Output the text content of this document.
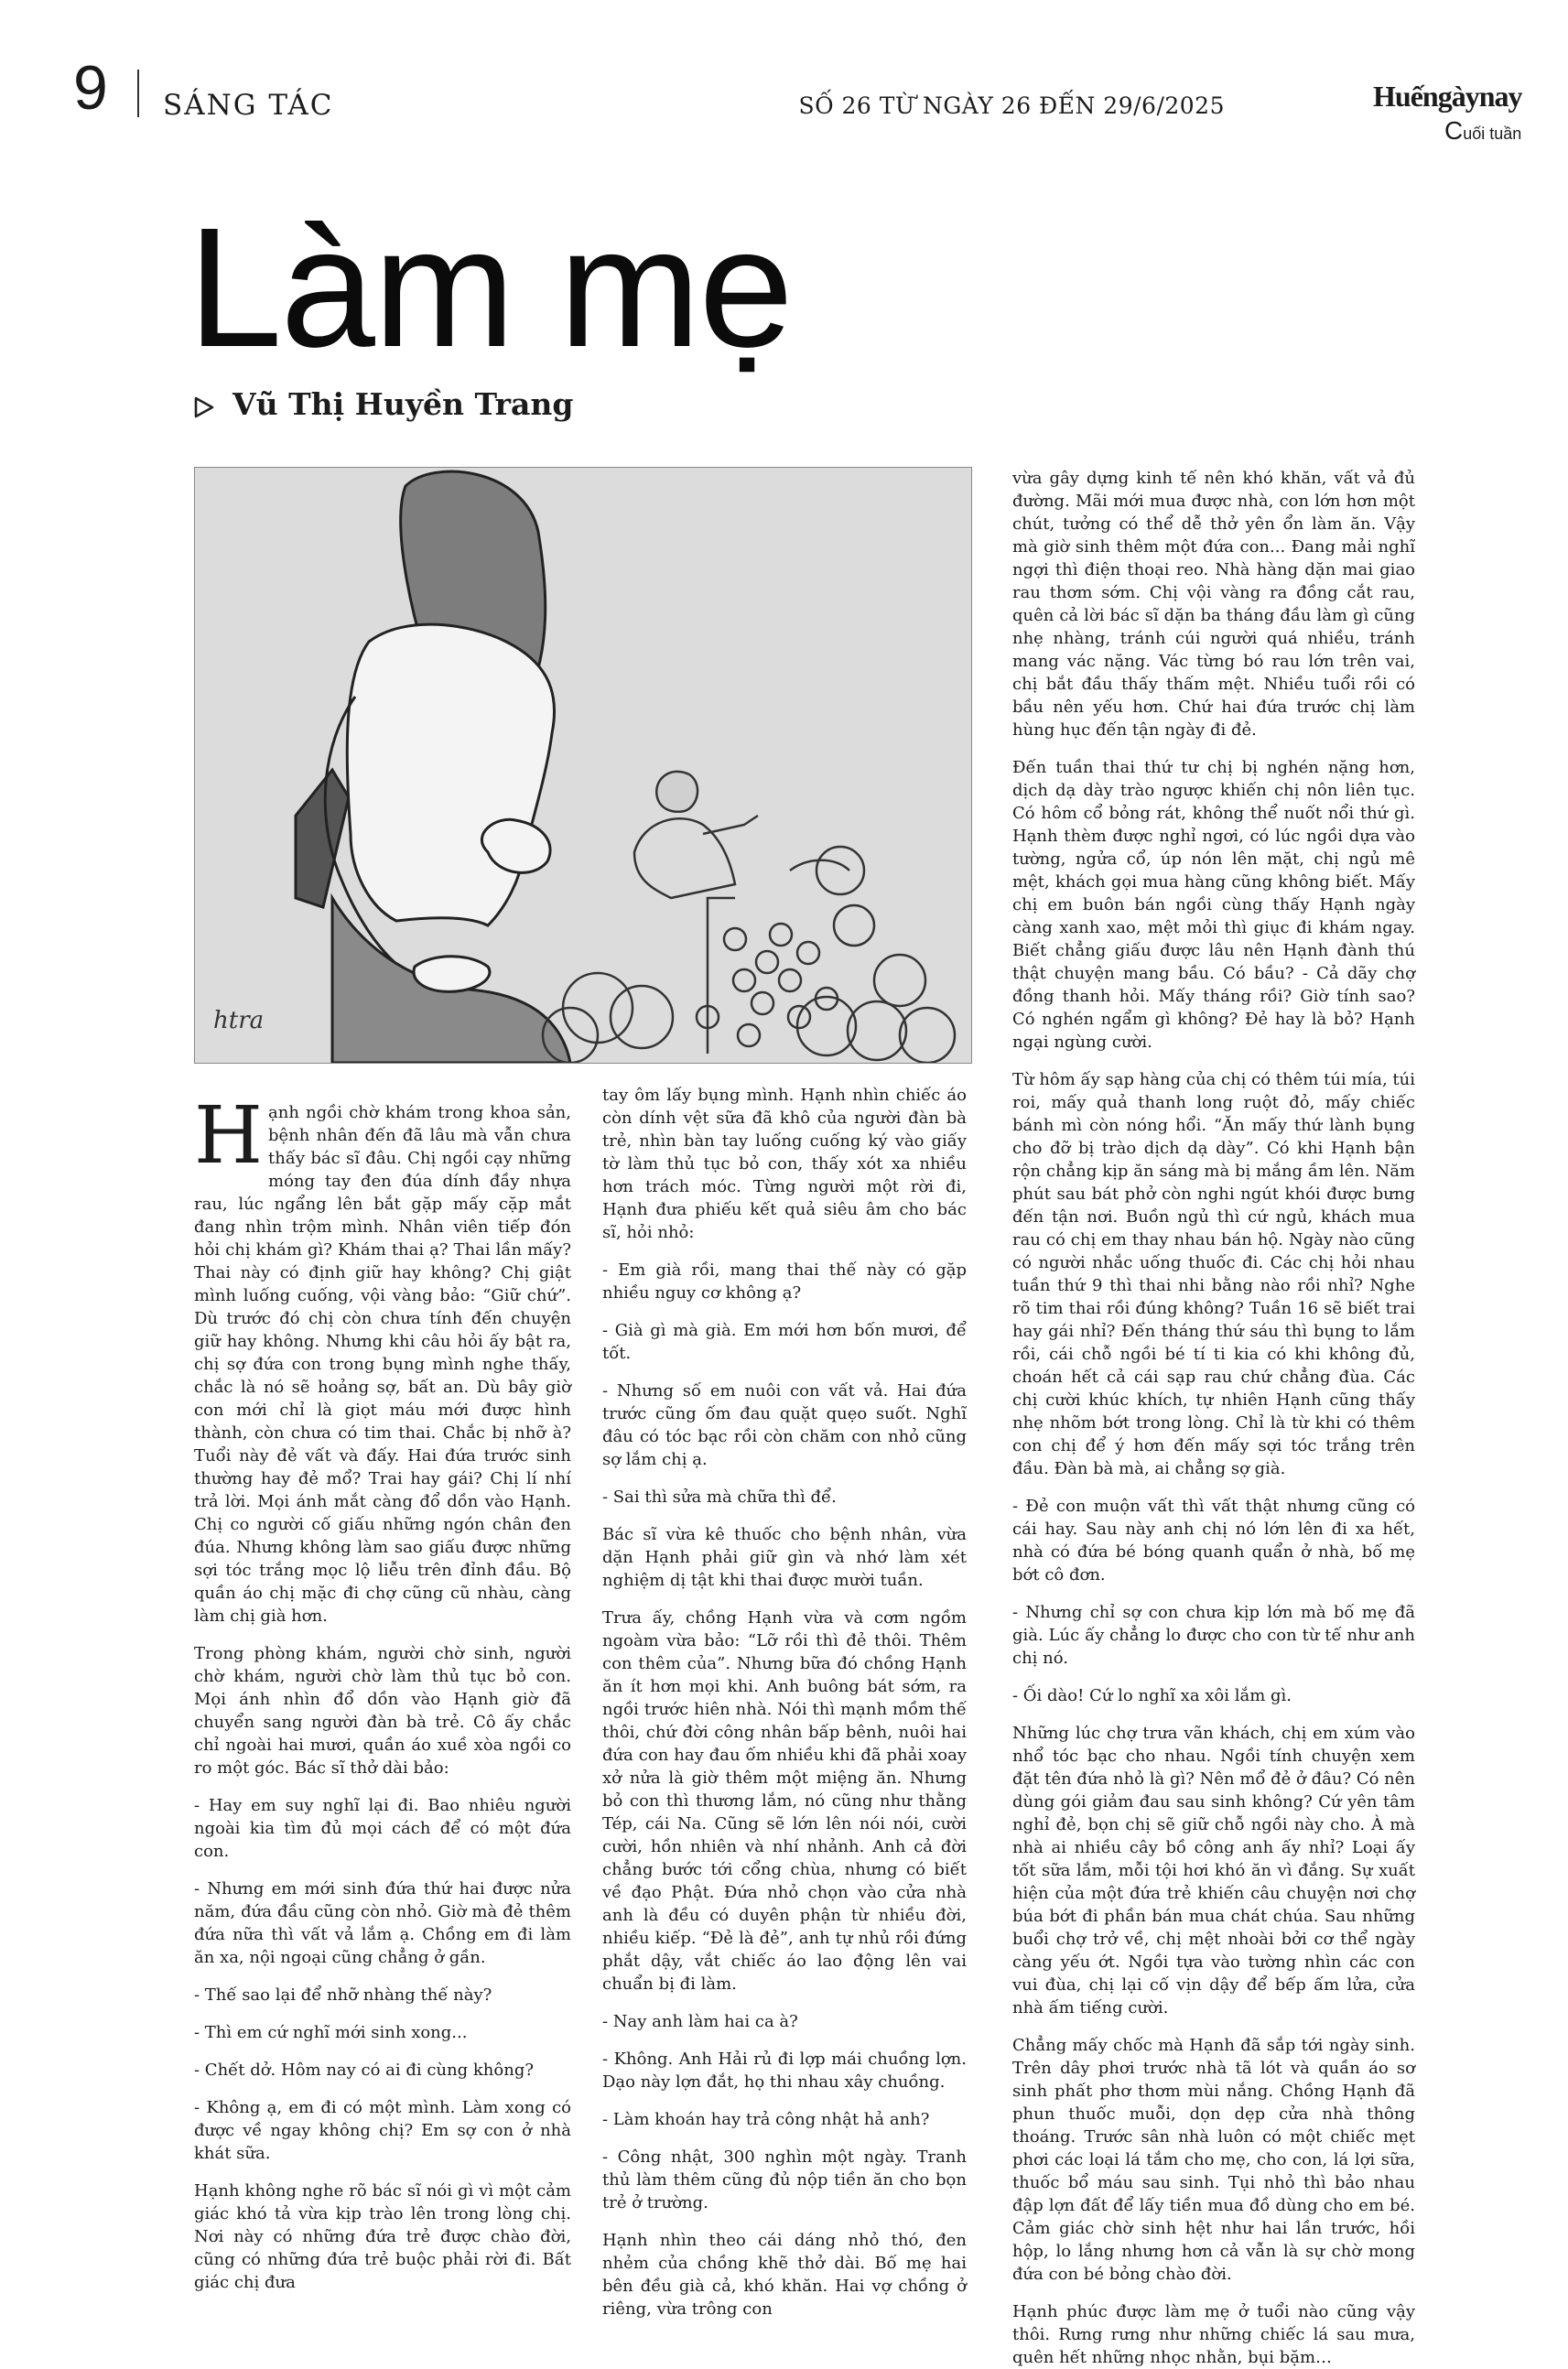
9 SÁNG TÁC	SỐ 26 TỪ NGÀY 26 ĐẾN 29/6/2025	Huếngàynay
Cuối tuần
Làm mẹ
Vũ Thị Huyền Trang
htra

Hạnh ngồi chờ khám trong khoa sản, bệnh nhân đến đã lâu mà vẫn chưa thấy bác sĩ đâu. Chị ngồi cạy những móng tay đen đúa dính đầy nhựa rau, lúc ngẩng lên bắt gặp mấy cặp mắt đang nhìn trộm mình. Nhân viên tiếp đón hỏi chị khám gì? Khám thai ạ? Thai lần mấy? Thai này có định giữ hay không? Chị giật mình luống cuống, vội vàng bảo: “Giữ chứ”. Dù trước đó chị còn chưa tính đến chuyện giữ hay không. Nhưng khi câu hỏi ấy bật ra, chị sợ đứa con trong bụng mình nghe thấy, chắc là nó sẽ hoảng sợ, bất an. Dù bây giờ con mới chỉ là giọt máu mới được hình thành, còn chưa có tim thai. Chắc bị nhỡ à? Tuổi này đẻ vất và đấy. Hai đứa trước sinh thường hay đẻ mổ? Trai hay gái? Chị lí nhí trả lời. Mọi ánh mắt càng đổ dồn vào Hạnh. Chị co người cố giấu những ngón chân đen đúa. Nhưng không làm sao giấu được những sợi tóc trắng mọc lộ liễu trên đỉnh đầu. Bộ quần áo chị mặc đi chợ cũng cũ nhàu, càng làm chị già hơn.

Trong phòng khám, người chờ sinh, người chờ khám, người chờ làm thủ tục bỏ con. Mọi ánh nhìn đổ dồn vào Hạnh giờ đã chuyển sang người đàn bà trẻ. Cô ấy chắc chỉ ngoài hai mươi, quần áo xuề xòa ngồi co ro một góc. Bác sĩ thở dài bảo:

- Hay em suy nghĩ lại đi. Bao nhiêu người ngoài kia tìm đủ mọi cách để có một đứa con.

- Nhưng em mới sinh đứa thứ hai được nửa năm, đứa đầu cũng còn nhỏ. Giờ mà đẻ thêm đứa nữa thì vất vả lắm ạ. Chồng em đi làm ăn xa, nội ngoại cũng chẳng ở gần.

- Thế sao lại để nhỡ nhàng thế này?

- Thì em cứ nghĩ mới sinh xong...

- Chết dở. Hôm nay có ai đi cùng không?

- Không ạ, em đi có một mình. Làm xong có được về ngay không chị? Em sợ con ở nhà khát sữa.

Hạnh không nghe rõ bác sĩ nói gì vì một cảm giác khó tả vừa kịp trào lên trong lòng chị. Nơi này có những đứa trẻ được chào đời, cũng có những đứa trẻ buộc phải rời đi. Bất giác chị đưa

tay ôm lấy bụng mình. Hạnh nhìn chiếc áo còn dính vệt sữa đã khô của người đàn bà trẻ, nhìn bàn tay luống cuống ký vào giấy tờ làm thủ tục bỏ con, thấy xót xa nhiều hơn trách móc. Từng người một rời đi, Hạnh đưa phiếu kết quả siêu âm cho bác sĩ, hỏi nhỏ:

- Em già rồi, mang thai thế này có gặp nhiều nguy cơ không ạ?

- Già gì mà già. Em mới hơn bốn mươi, để tốt.

- Nhưng số em nuôi con vất vả. Hai đứa trước cũng ốm đau quặt quẹo suốt. Nghĩ đâu có tóc bạc rồi còn chăm con nhỏ cũng sợ lắm chị ạ.

- Sai thì sửa mà chữa thì để.

Bác sĩ vừa kê thuốc cho bệnh nhân, vừa dặn Hạnh phải giữ gìn và nhớ làm xét nghiệm dị tật khi thai được mười tuần.

Trưa ấy, chồng Hạnh vừa và cơm ngồm ngoàm vừa bảo: “Lỡ rồi thì đẻ thôi. Thêm con thêm của”. Nhưng bữa đó chồng Hạnh ăn ít hơn mọi khi. Anh buông bát sớm, ra ngồi trước hiên nhà. Nói thì mạnh mồm thế thôi, chứ đời công nhân bấp bênh, nuôi hai đứa con hay đau ốm nhiều khi đã phải xoay xở nửa là giờ thêm một miệng ăn. Nhưng bỏ con thì thương lắm, nó cũng như thằng Tép, cái Na. Cũng sẽ lớn lên nói nói, cười cười, hồn nhiên và nhí nhảnh. Anh cả đời chẳng bước tới cổng chùa, nhưng có biết về đạo Phật. Đứa nhỏ chọn vào cửa nhà anh là đều có duyên phận từ nhiều đời, nhiều kiếp. “Đẻ là đẻ”, anh tự nhủ rồi đứng phắt dậy, vắt chiếc áo lao động lên vai chuẩn bị đi làm.

- Nay anh làm hai ca à?

- Không. Anh Hải rủ đi lợp mái chuồng lợn. Dạo này lợn đắt, họ thi nhau xây chuồng.

- Làm khoán hay trả công nhật hả anh?

- Công nhật, 300 nghìn một ngày. Tranh thủ làm thêm cũng đủ nộp tiền ăn cho bọn trẻ ở trường.

Hạnh nhìn theo cái dáng nhỏ thó, đen nhẻm của chồng khẽ thở dài. Bố mẹ hai bên đều già cả, khó khăn. Hai vợ chồng ở riêng, vừa trông con

vừa gây dựng kinh tế nên khó khăn, vất vả đủ đường. Mãi mới mua được nhà, con lớn hơn một chút, tưởng có thể dễ thở yên ổn làm ăn. Vậy mà giờ sinh thêm một đứa con... Đang mải nghĩ ngợi thì điện thoại reo. Nhà hàng dặn mai giao rau thơm sớm. Chị vội vàng ra đồng cắt rau, quên cả lời bác sĩ dặn ba tháng đầu làm gì cũng nhẹ nhàng, tránh cúi người quá nhiều, tránh mang vác nặng. Vác từng bó rau lớn trên vai, chị bắt đầu thấy thấm mệt. Nhiều tuổi rồi có bầu nên yếu hơn. Chứ hai đứa trước chị làm hùng hục đến tận ngày đi đẻ.

Đến tuần thai thứ tư chị bị nghén nặng hơn, dịch dạ dày trào ngược khiến chị nôn liên tục. Có hôm cổ bỏng rát, không thể nuốt nổi thứ gì. Hạnh thèm được nghỉ ngơi, có lúc ngồi dựa vào tường, ngửa cổ, úp nón lên mặt, chị ngủ mê mệt, khách gọi mua hàng cũng không biết. Mấy chị em buôn bán ngồi cùng thấy Hạnh ngày càng xanh xao, mệt mỏi thì giục đi khám ngay. Biết chẳng giấu được lâu nên Hạnh đành thú thật chuyện mang bầu. Có bầu? - Cả dãy chợ đồng thanh hỏi. Mấy tháng rồi? Giờ tính sao? Có nghén ngẩm gì không? Đẻ hay là bỏ? Hạnh ngại ngùng cười.

Từ hôm ấy sạp hàng của chị có thêm túi mía, túi roi, mấy quả thanh long ruột đỏ, mấy chiếc bánh mì còn nóng hổi. “Ăn mấy thứ lành bụng cho đỡ bị trào dịch dạ dày”. Có khi Hạnh bận rộn chẳng kịp ăn sáng mà bị mắng ầm lên. Năm phút sau bát phở còn nghi ngút khói được bưng đến tận nơi. Buồn ngủ thì cứ ngủ, khách mua rau có chị em thay nhau bán hộ. Ngày nào cũng có người nhắc uống thuốc đi. Các chị hỏi nhau tuần thứ 9 thì thai nhi bằng nào rồi nhỉ? Nghe rõ tim thai rồi đúng không? Tuần 16 sẽ biết trai hay gái nhỉ? Đến tháng thứ sáu thì bụng to lắm rồi, cái chỗ ngồi bé tí ti kia có khi không đủ, choán hết cả cái sạp rau chứ chẳng đùa. Các chị cười khúc khích, tự nhiên Hạnh cũng thấy nhẹ nhõm bớt trong lòng. Chỉ là từ khi có thêm con chị để ý hơn đến mấy sợi tóc trắng trên đầu. Đàn bà mà, ai chẳng sợ già.

- Đẻ con muộn vất thì vất thật nhưng cũng có cái hay. Sau này anh chị nó lớn lên đi xa hết, nhà có đứa bé bóng quanh quẩn ở nhà, bố mẹ bớt cô đơn.

- Nhưng chỉ sợ con chưa kịp lớn mà bố mẹ đã già. Lúc ấy chẳng lo được cho con từ tế như anh chị nó.

- Ối dào! Cứ lo nghĩ xa xôi lắm gì.

Những lúc chợ trưa vãn khách, chị em xúm vào nhổ tóc bạc cho nhau. Ngồi tính chuyện xem đặt tên đứa nhỏ là gì? Nên mổ đẻ ở đâu? Có nên dùng gói giảm đau sau sinh không? Cứ yên tâm nghỉ đẻ, bọn chị sẽ giữ chỗ ngồi này cho. À mà nhà ai nhiều cây bồ công anh ấy nhỉ? Loại ấy tốt sữa lắm, mỗi tội hơi khó ăn vì đắng. Sự xuất hiện của một đứa trẻ khiến câu chuyện nơi chợ búa bớt đi phần bán mua chát chúa. Sau những buổi chợ trở về, chị mệt nhoài bởi cơ thể ngày càng yếu ớt. Ngồi tựa vào tường nhìn các con vui đùa, chị lại cố vịn dậy để bếp ấm lửa, cửa nhà ấm tiếng cười.

Chẳng mấy chốc mà Hạnh đã sắp tới ngày sinh. Trên dây phơi trước nhà tã lót và quần áo sơ sinh phất phơ thơm mùi nắng. Chồng Hạnh đã phun thuốc muỗi, dọn dẹp cửa nhà thông thoáng. Trước sân nhà luôn có một chiếc mẹt phơi các loại lá tắm cho mẹ, cho con, lá lợi sữa, thuốc bổ máu sau sinh. Tụi nhỏ thì bảo nhau đập lợn đất để lấy tiền mua đồ dùng cho em bé. Cảm giác chờ sinh hệt như hai lần trước, hồi hộp, lo lắng nhưng hơn cả vẫn là sự chờ mong đứa con bé bỏng chào đời.

Hạnh phúc được làm mẹ ở tuổi nào cũng vậy thôi. Rưng rưng như những chiếc lá sau mưa, quên hết những nhọc nhằn, bụi bặm…
